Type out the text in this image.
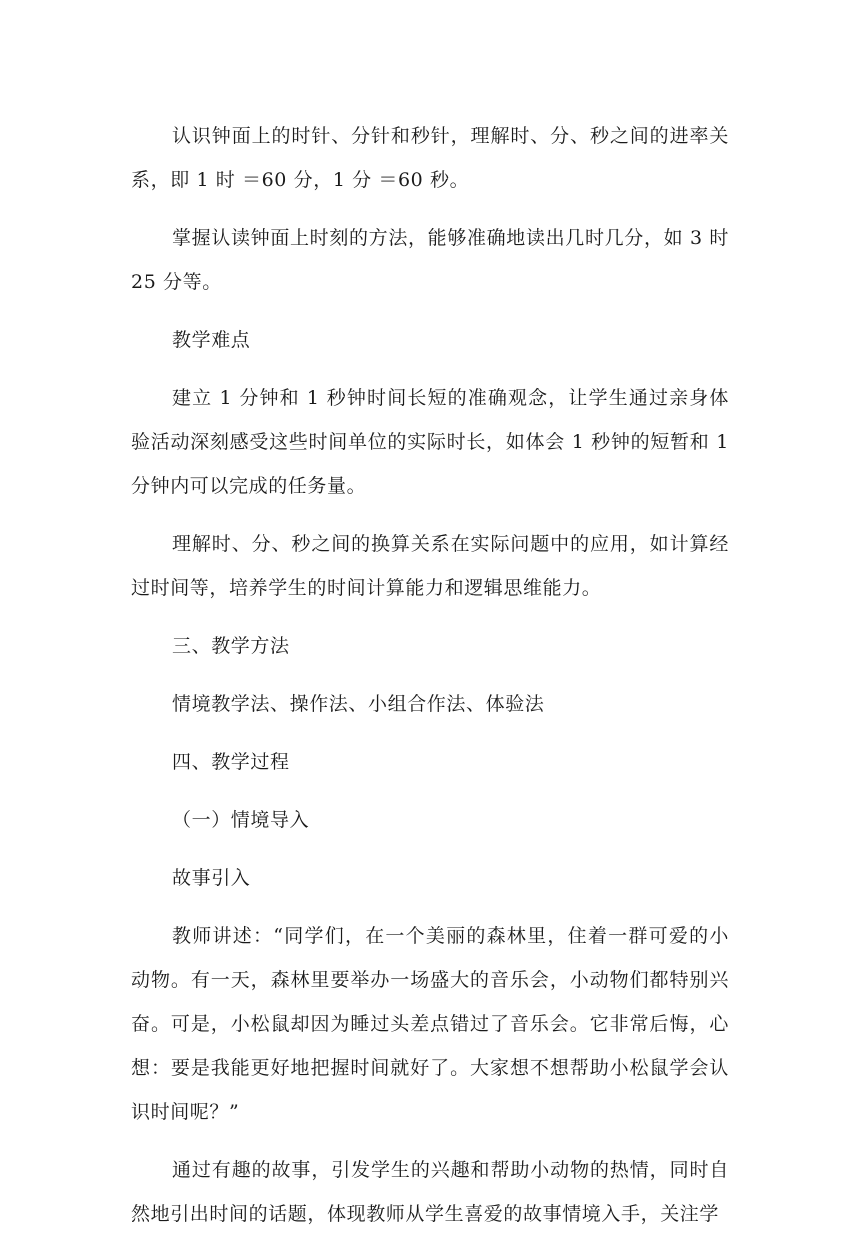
认识钟面上的时针、分针和秒针，理解时、分、秒之间的进率关系，即 1 时 ＝60 分，1 分 ＝60 秒。

掌握认读钟面上时刻的方法，能够准确地读出几时几分，如 3 时 25 分等。

教学难点

建立 1 分钟和 1 秒钟时间长短的准确观念，让学生通过亲身体验活动深刻感受这些时间单位的实际时长，如体会 1 秒钟的短暂和 1 分钟内可以完成的任务量。

理解时、分、秒之间的换算关系在实际问题中的应用，如计算经过时间等，培养学生的时间计算能力和逻辑思维能力。

三、教学方法

情境教学法、操作法、小组合作法、体验法

四、教学过程

（一）情境导入

故事引入

教师讲述：“同学们，在一个美丽的森林里，住着一群可爱的小动物。有一天，森林里要举办一场盛大的音乐会，小动物们都特别兴奋。可是，小松鼠却因为睡过头差点错过了音乐会。它非常后悔，心想：要是我能更好地把握时间就好了。大家想不想帮助小松鼠学会认识时间呢？”

通过有趣的故事，引发学生的兴趣和帮助小动物的热情，同时自然地引出时间的话题，体现教师从学生喜爱的故事情境入手，关注学
